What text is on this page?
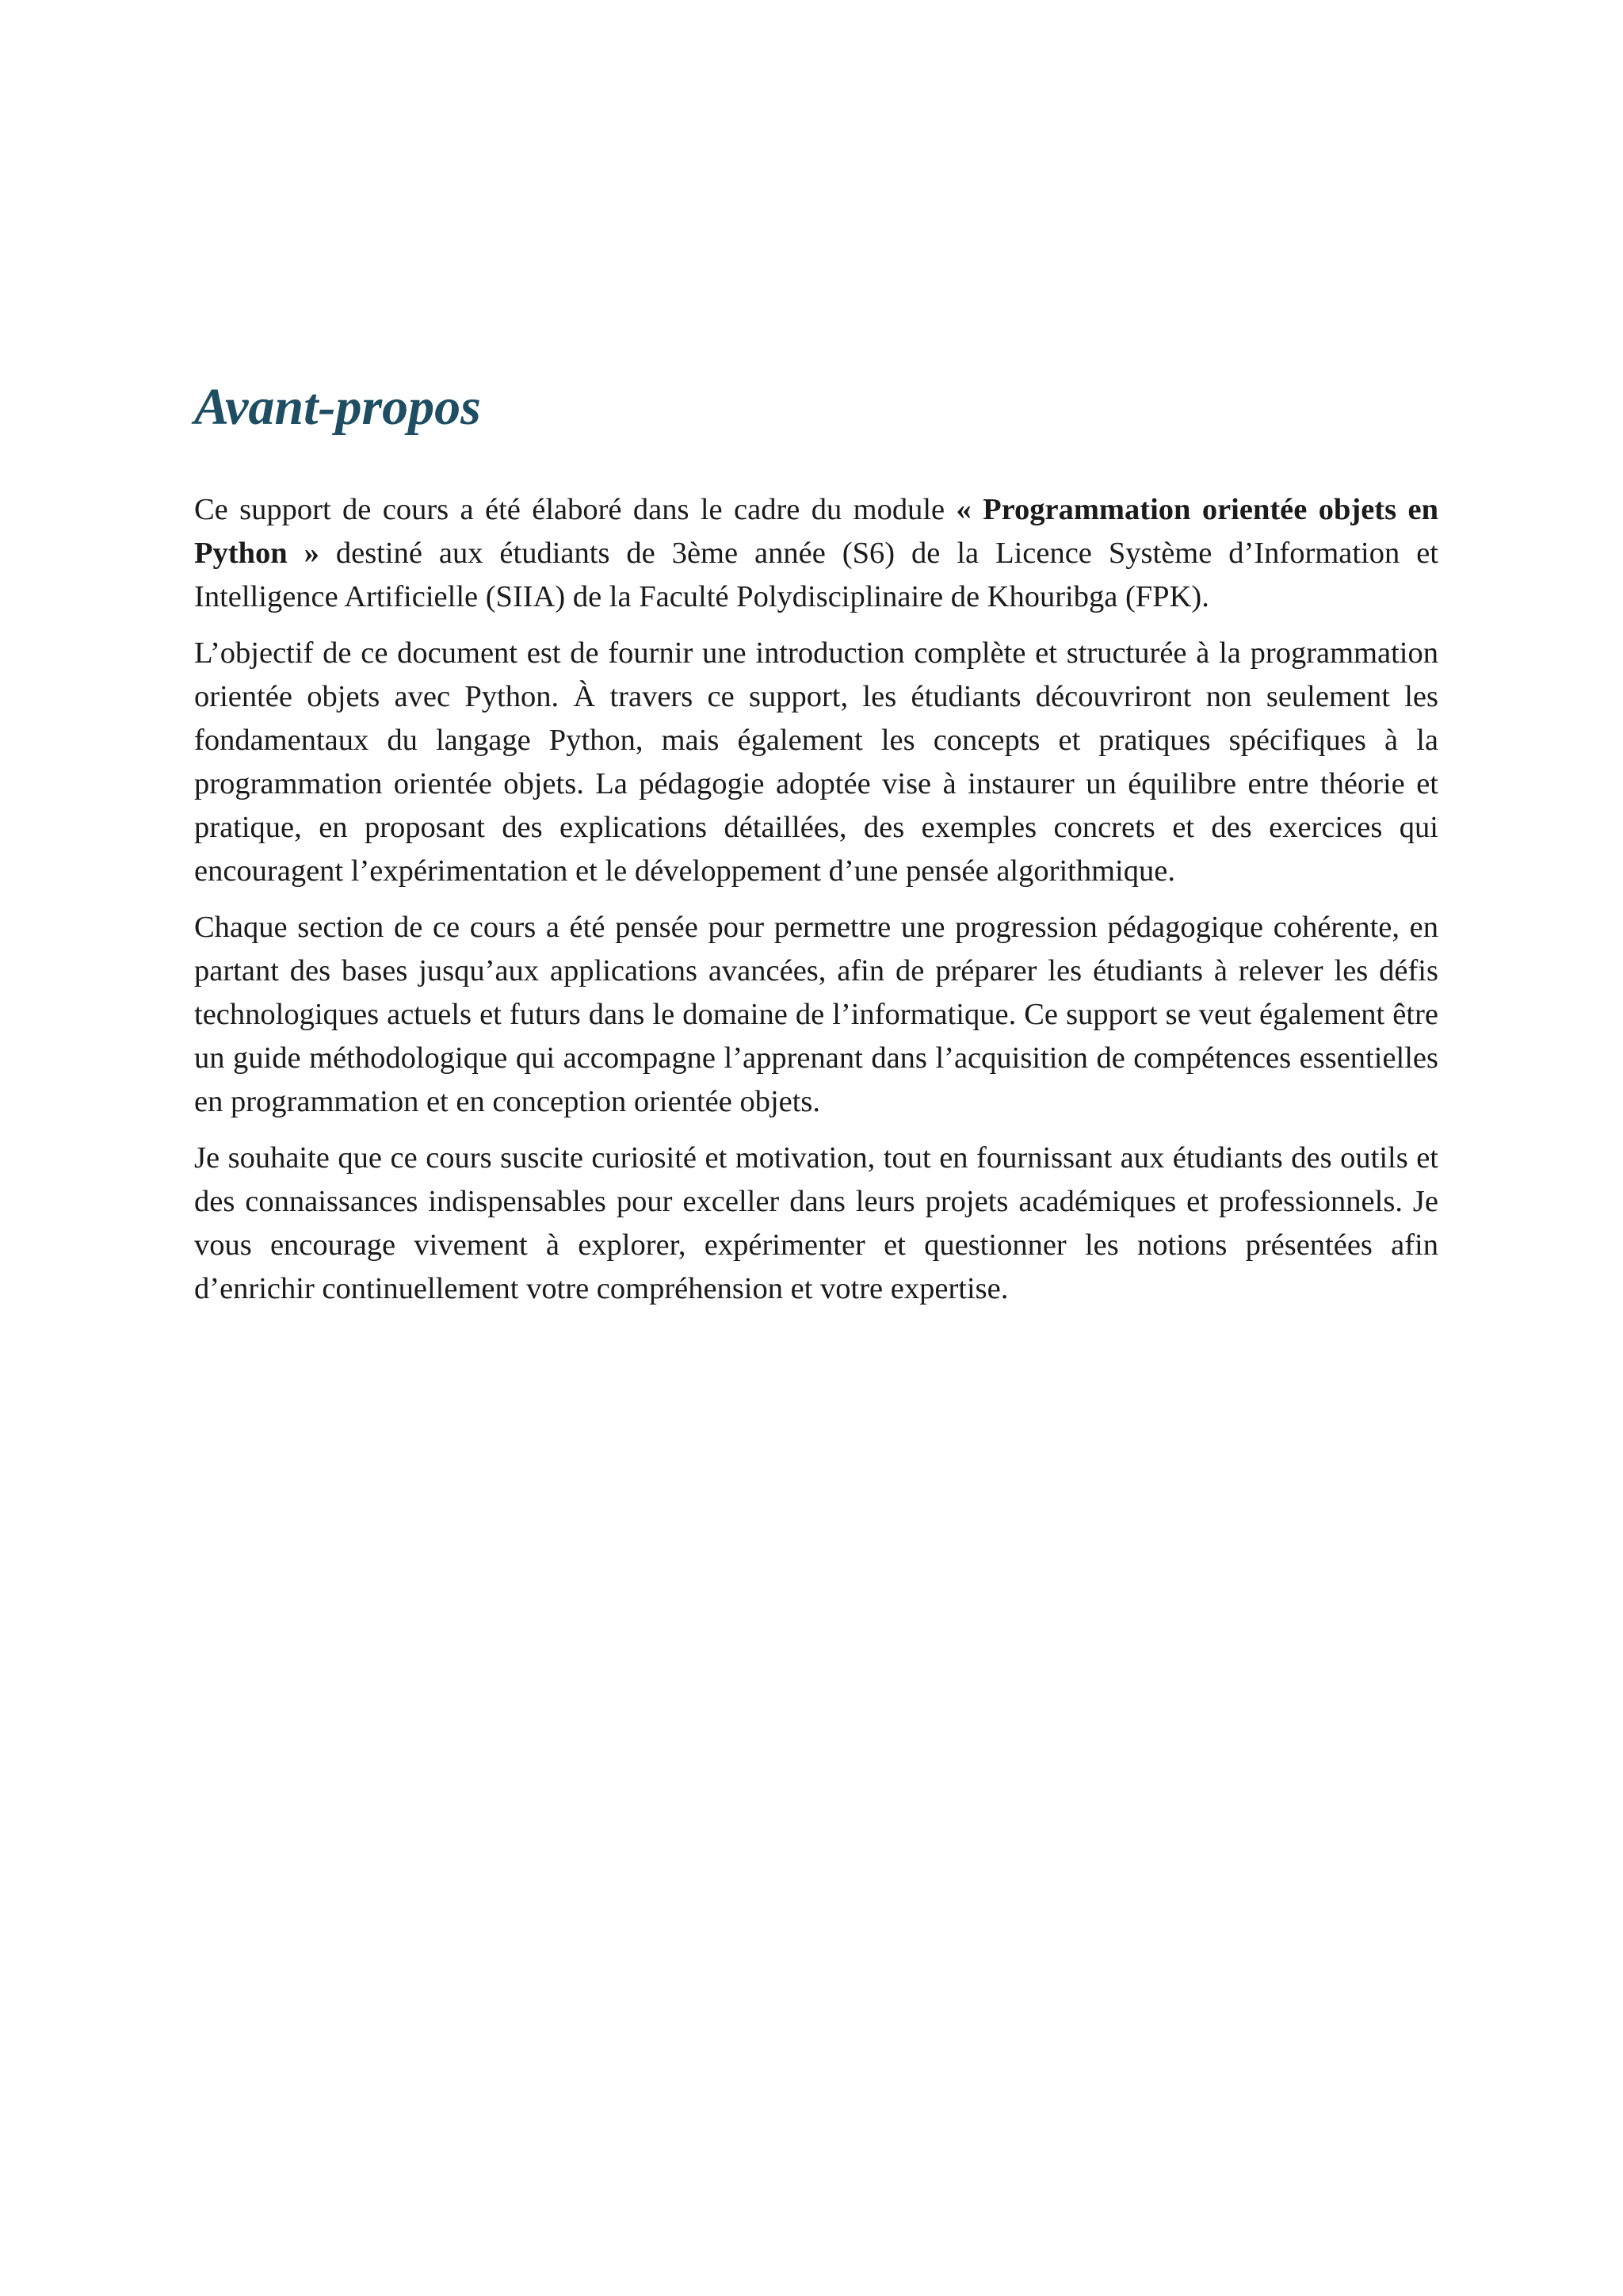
Avant-propos

Ce support de cours a été élaboré dans le cadre du module « Programmation orientée objets en Python » destiné aux étudiants de 3ème année (S6) de la Licence Système d’Information et Intelligence Artificielle (SIIA) de la Faculté Polydisciplinaire de Khouribga (FPK).

L’objectif de ce document est de fournir une introduction complète et structurée à la programmation orientée objets avec Python. À travers ce support, les étudiants découvriront non seulement les fondamentaux du langage Python, mais également les concepts et pratiques spécifiques à la programmation orientée objets. La pédagogie adoptée vise à instaurer un équilibre entre théorie et pratique, en proposant des explications détaillées, des exemples concrets et des exercices qui encouragent l’expérimentation et le développement d’une pensée algorithmique.

Chaque section de ce cours a été pensée pour permettre une progression pédagogique cohérente, en partant des bases jusqu’aux applications avancées, afin de préparer les étudiants à relever les défis technologiques actuels et futurs dans le domaine de l’informatique. Ce support se veut également être un guide méthodologique qui accompagne l’apprenant dans l’acquisition de compétences essentielles en programmation et en conception orientée objets.

Je souhaite que ce cours suscite curiosité et motivation, tout en fournissant aux étudiants des outils et des connaissances indispensables pour exceller dans leurs projets académiques et professionnels. Je vous encourage vivement à explorer, expérimenter et questionner les notions présentées afin d’enrichir continuellement votre compréhension et votre expertise.
